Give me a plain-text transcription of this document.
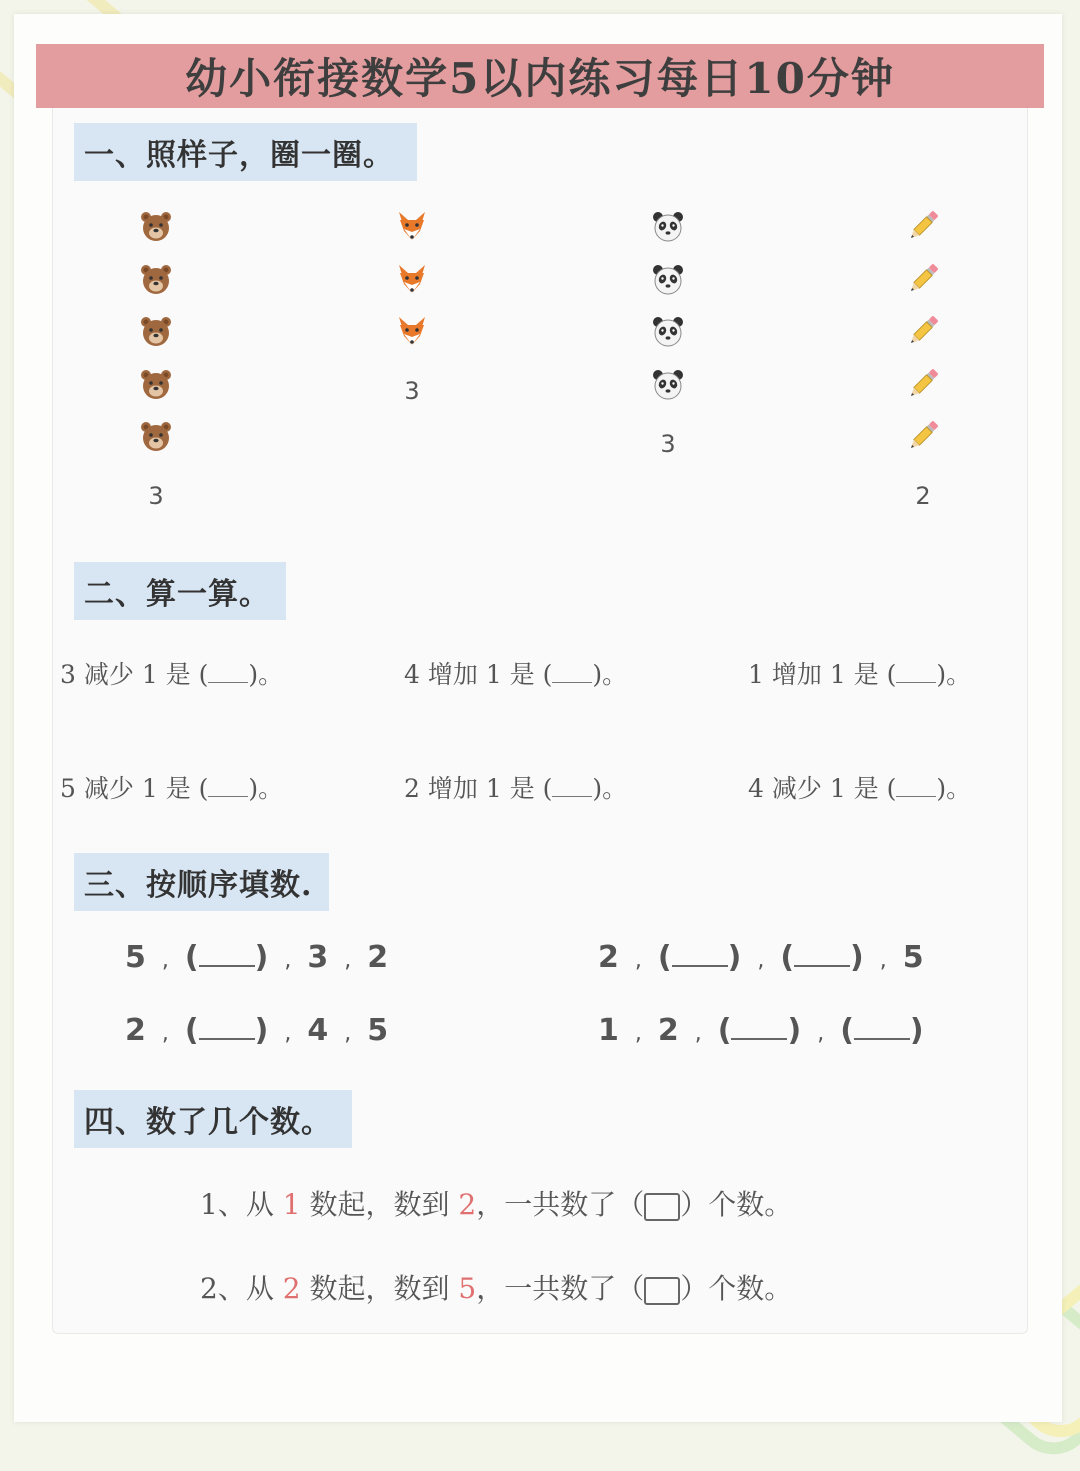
幼小衔接数学5以内练习每日10分钟
一、照样子，圈一圈。
3
3
3
2
二、算一算。
3 减少 1 是 ( )。	4 增加 1 是 ( )。	1 增加 1 是 ( )。
5 减少 1 是 ( )。	2 增加 1 是 ( )。	4 减少 1 是 ( )。
三、按顺序填数.
5 , ( ) , 3 , 2	2 , ( ) , ( ) , 5
2 , ( ) , 4 , 5	1 , 2 , ( ) , ( )
四、数了几个数。
1、从 1 数起，数到 2，一共数了（ ）个数。
2、从 2 数起，数到 5，一共数了（ ）个数。
